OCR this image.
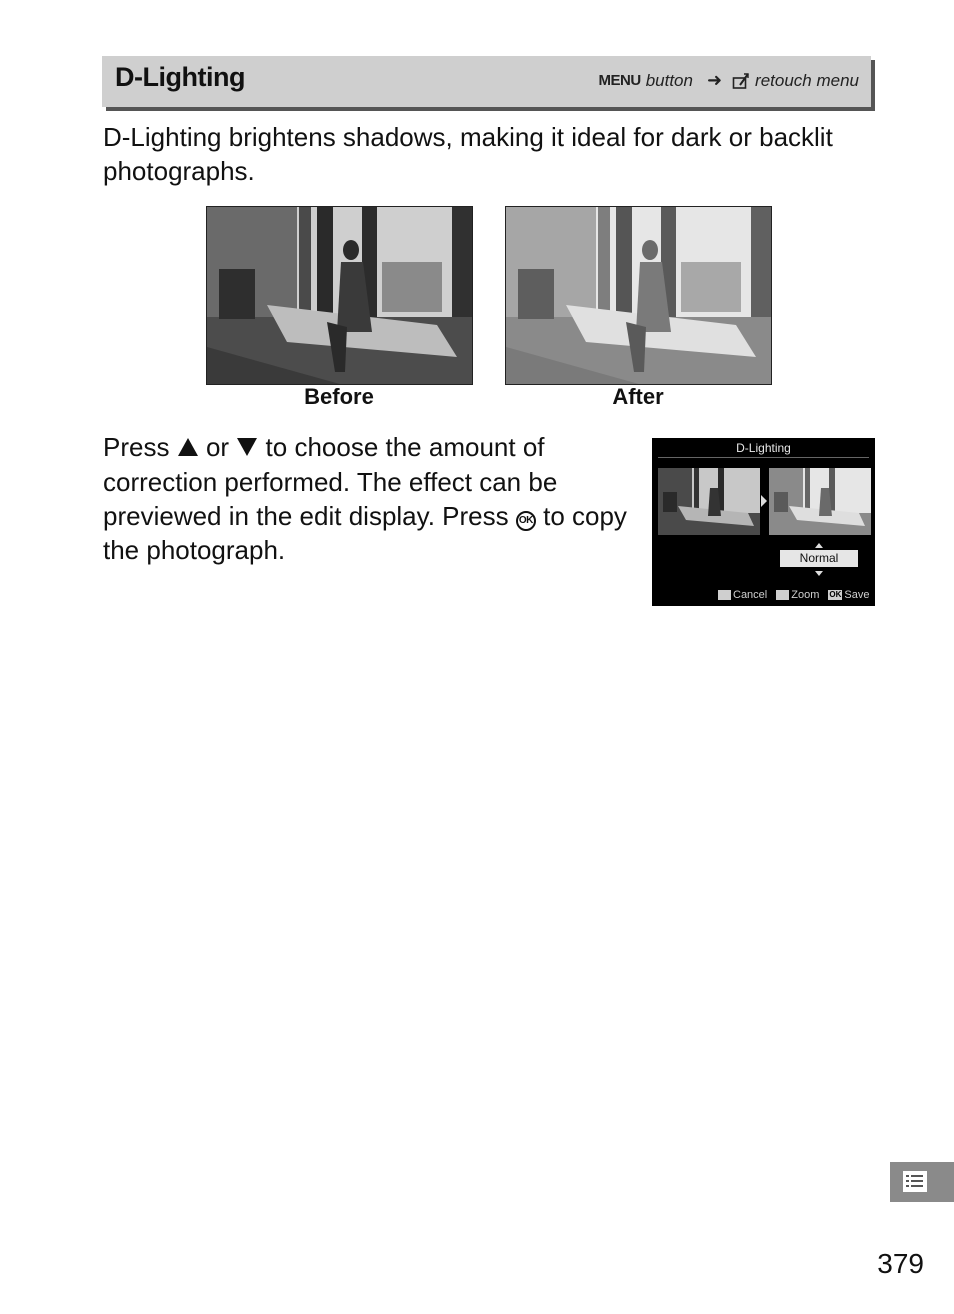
D-Lighting	MENU button ➜ retouch menu
D-Lighting brightens shadows, making it ideal for dark or backlit photographs.
Before	After
Press or to choose the amount of correction performed. The effect can be previewed in the edit display. Press OK to copy the photograph.
D-Lighting
Normal
Cancel Zoom OK Save
379
